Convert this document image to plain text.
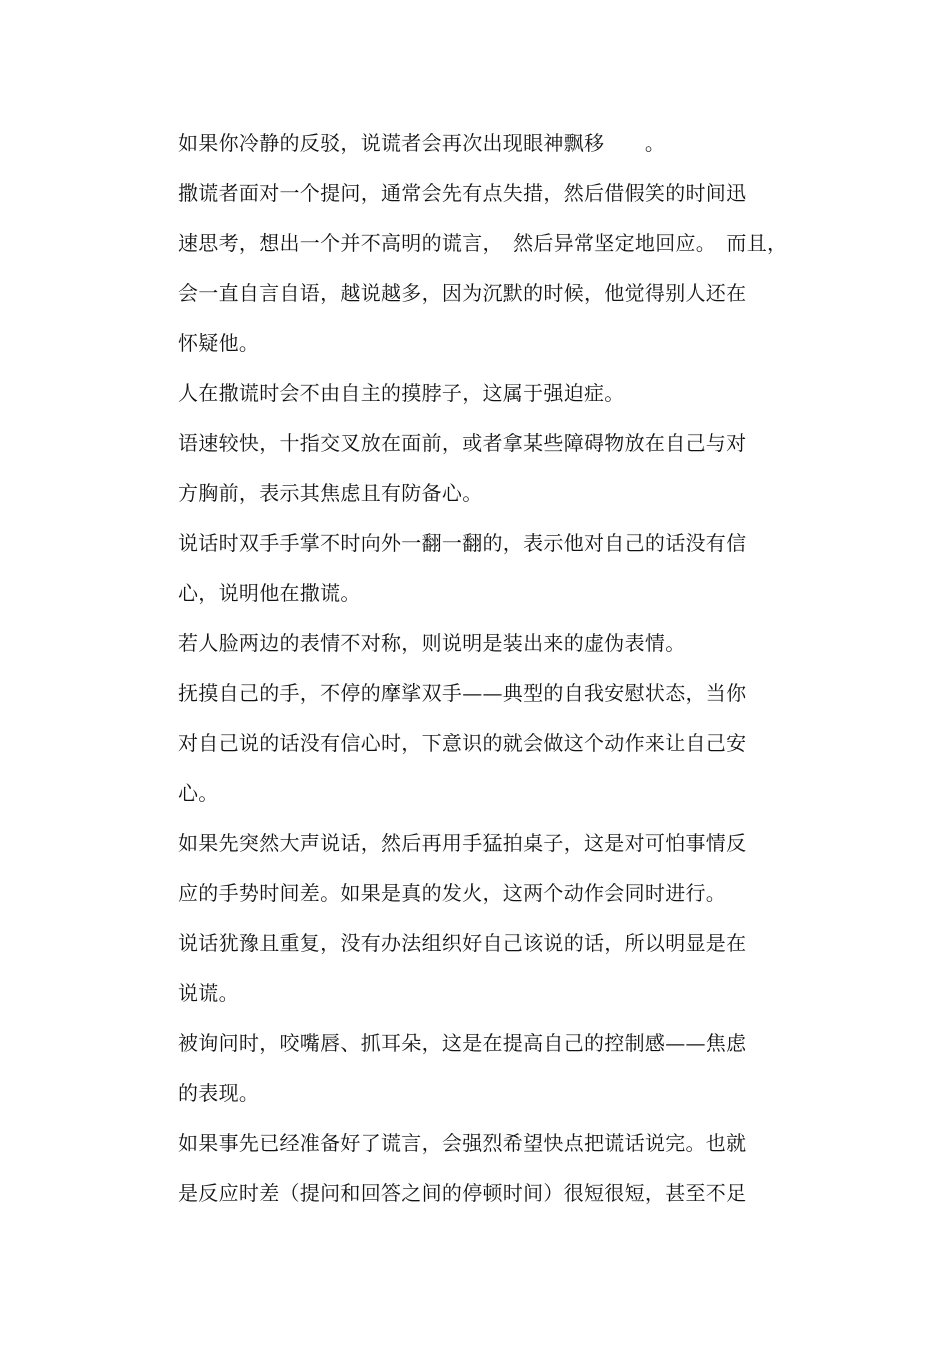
如果你冷静的反驳，说谎者会再次出现眼神飘移　　。
撒谎者面对一个提问，通常会先有点失措，然后借假笑的时间迅
速思考，想出一个并不高明的谎言，　然后异常坚定地回应。　而且，
会一直自言自语，越说越多，因为沉默的时候，他觉得别人还在
怀疑他。
人在撒谎时会不由自主的摸脖子，这属于强迫症。
语速较快，十指交叉放在面前，或者拿某些障碍物放在自己与对
方胸前，表示其焦虑且有防备心。
说话时双手手掌不时向外一翻一翻的，表示他对自己的话没有信
心，说明他在撒谎。
若人脸两边的表情不对称，则说明是装出来的虚伪表情。
抚摸自己的手，不停的摩挲双手——典型的自我安慰状态，当你
对自己说的话没有信心时，下意识的就会做这个动作来让自己安
心。
如果先突然大声说话，然后再用手猛拍桌子，这是对可怕事情反
应的手势时间差。如果是真的发火，这两个动作会同时进行。
说话犹豫且重复，没有办法组织好自己该说的话，所以明显是在
说谎。
被询问时，咬嘴唇、抓耳朵，这是在提高自己的控制感——焦虑
的表现。
如果事先已经准备好了谎言，会强烈希望快点把谎话说完。也就
是反应时差（提问和回答之间的停顿时间）很短很短，甚至不足
